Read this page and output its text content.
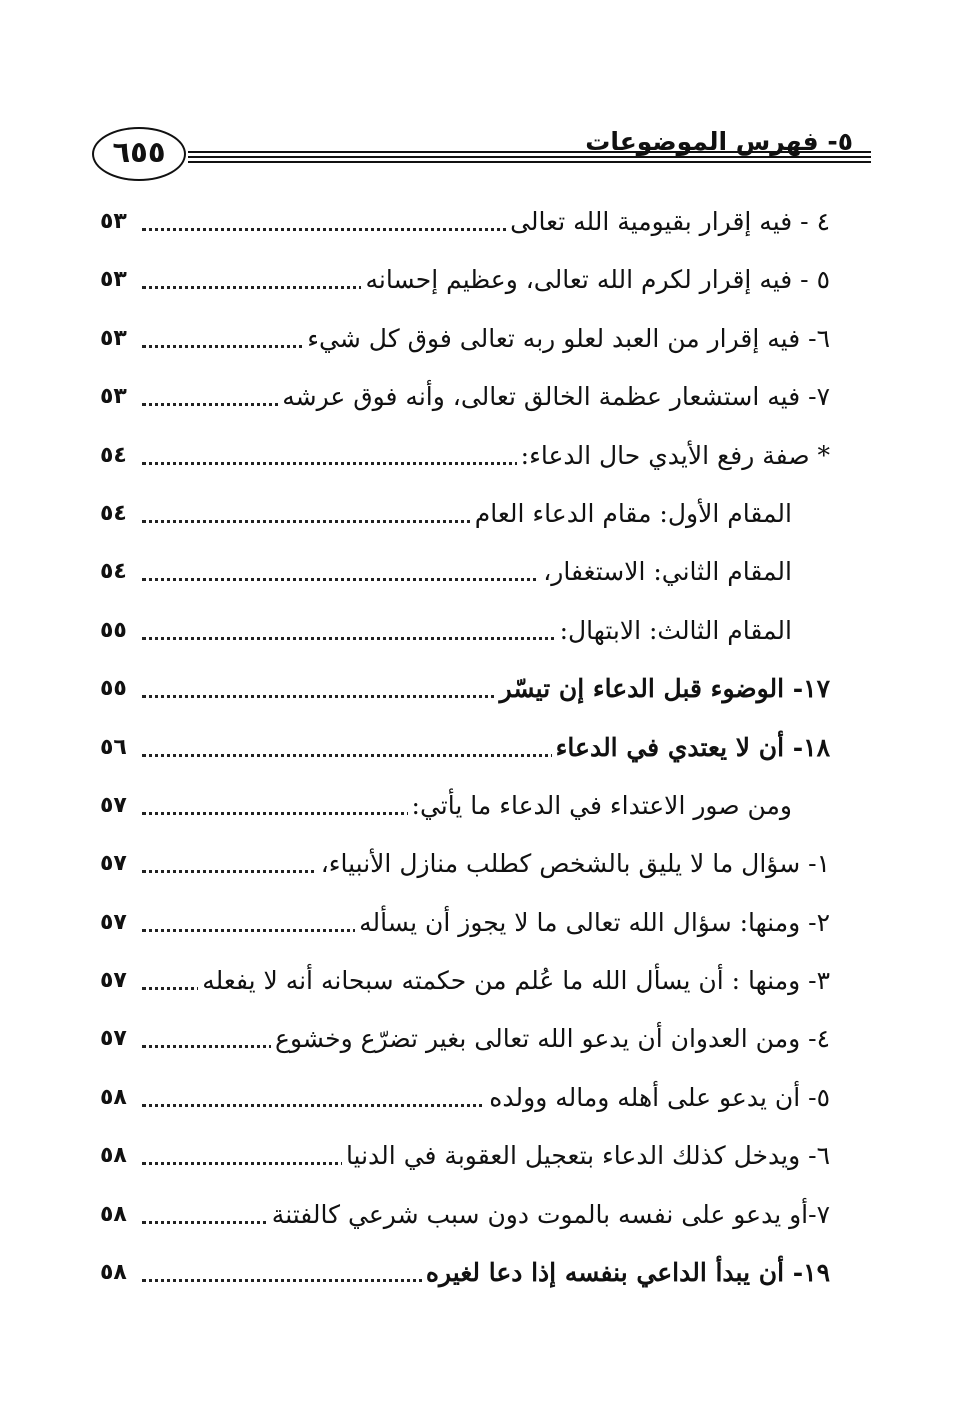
٥- فهرس الموضوعات
٦٥٥
٤ - فيه إقرار بقيومية الله تعالى
٥٣
٥ - فيه إقرار لكرم الله تعالى، وعظيم إحسانه
٥٣
٦- فيه إقرار من العبد لعلو ربه تعالى فوق كل شيء
٥٣
٧- فيه استشعار عظمة الخالق تعالى، وأنه فوق عرشه
٥٣
* صفة رفع الأيدي حال الدعاء:
٥٤
المقام الأول: مقام الدعاء العام
٥٤
المقام الثاني: الاستغفار،
٥٤
المقام الثالث: الابتهال:
٥٥
١٧- الوضوء قبل الدعاء إن تيسّر
٥٥
١٨- أن لا يعتدي في الدعاء
٥٦
ومن صور الاعتداء في الدعاء ما يأتي:
٥٧
١- سؤال ما لا يليق بالشخص كطلب منازل الأنبياء،
٥٧
٢- ومنها: سؤال الله تعالى ما لا يجوز أن يسأله
٥٧
٣- ومنها : أن يسأل الله ما عُلم من حكمته سبحانه أنه لا يفعله
٥٧
٤- ومن العدوان أن يدعو الله تعالى بغير تضرّع وخشوع
٥٧
٥- أن يدعو على أهله وماله وولده
٥٨
٦- ويدخل كذلك الدعاء بتعجيل العقوبة في الدنيا
٥٨
٧-أو يدعو على نفسه بالموت دون سبب شرعي كالفتنة
٥٨
١٩- أن يبدأ الداعي بنفسه إذا دعا لغيره
٥٨
